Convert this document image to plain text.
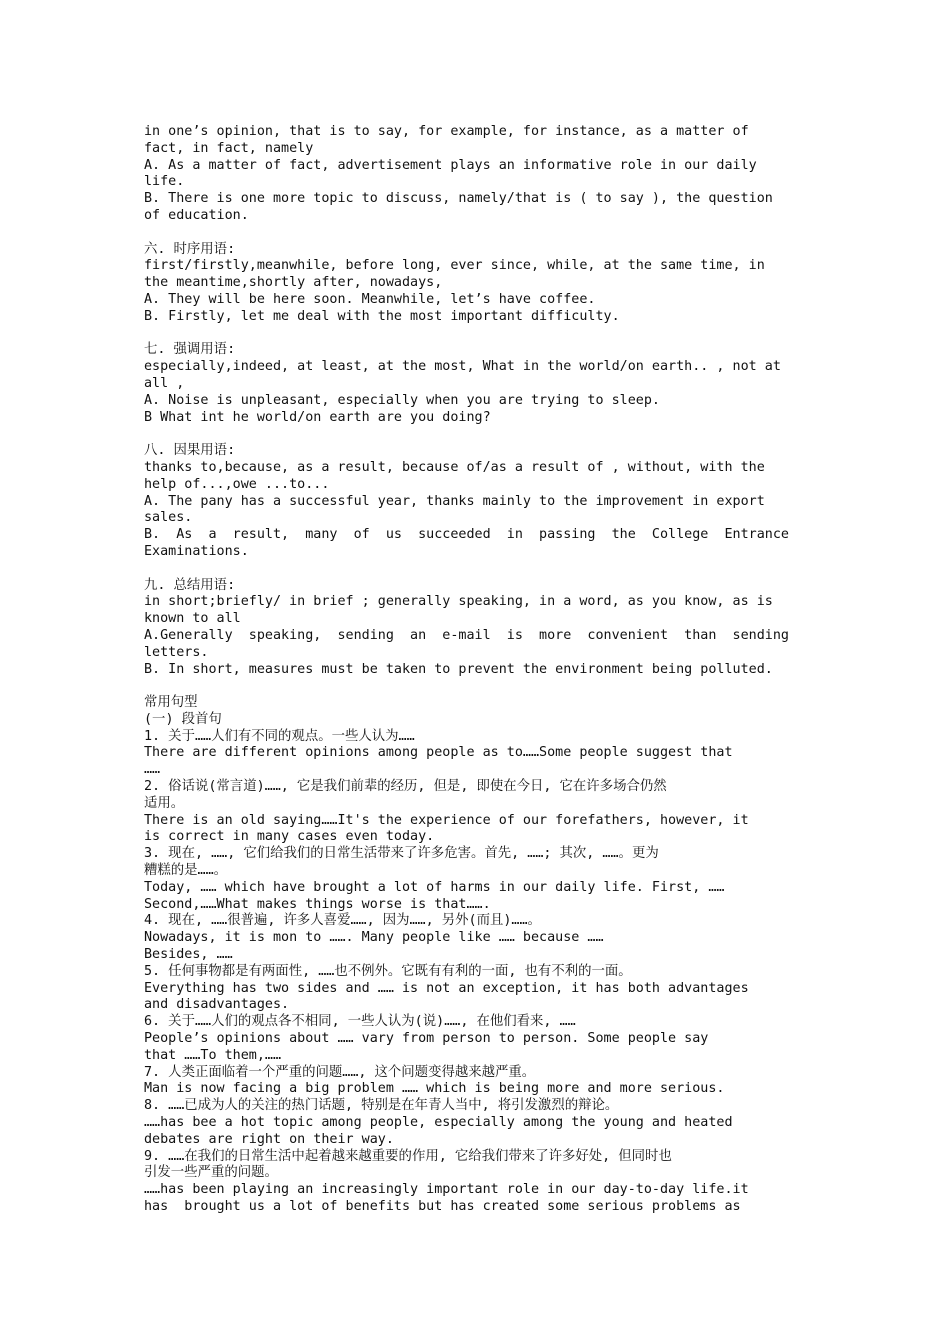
in one’s opinion, that is to say, for example, for instance, as a matter of
fact, in fact, namely
A. As a matter of fact, advertisement plays an informative role in our daily
life.
B. There is one more topic to discuss, namely/that is ( to say ), the question
of education.
六. 时序用语:
first/firstly,meanwhile, before long, ever since, while, at the same time, in
the meantime,shortly after, nowadays,
A. They will be here soon. Meanwhile, let’s have coffee.
B. Firstly, let me deal with the most important difficulty.
七. 强调用语:
especially,indeed, at least, at the most, What in the world/on earth.. , not at
all ,
A. Noise is unpleasant, especially when you are trying to sleep.
B What int he world/on earth are you doing?
八. 因果用语:
thanks to,because, as a result, because of/as a result of , without, with the
help of...,owe ...to...
A. The pany has a successful year, thanks mainly to the improvement in export
sales.
B.  As  a  result,  many  of  us  succeeded  in  passing  the  College  Entrance
Examinations.
九. 总结用语:
in short;briefly/ in brief ; generally speaking, in a word, as you know, as is
known to all
A.Generally  speaking,  sending  an  e-mail  is  more  convenient  than  sending
letters.
B. In short, measures must be taken to prevent the environment being polluted.
常用句型
(一) 段首句
1. 关于……人们有不同的观点。一些人认为……
There are different opinions among people as to……Some people suggest that
……
2. 俗话说(常言道)……, 它是我们前辈的经历, 但是, 即使在今日, 它在许多场合仍然
适用。
There is an old saying……It's the experience of our forefathers, however, it
is correct in many cases even today.
3. 现在, ……, 它们给我们的日常生活带来了许多危害。首先, ……; 其次, ……。更为
糟糕的是……。
Today, …… which have brought a lot of harms in our daily life. First, ……
Second,……What makes things worse is that…….
4. 现在, ……很普遍, 许多人喜爱……, 因为……, 另外(而且)……。
Nowadays, it is mon to ……. Many people like …… because ……
Besides, ……
5. 任何事物都是有两面性, ……也不例外。它既有有利的一面, 也有不利的一面。
Everything has two sides and …… is not an exception, it has both advantages
and disadvantages.
6. 关于……人们的观点各不相同, 一些人认为(说)……, 在他们看来, ……
People’s opinions about …… vary from person to person. Some people say
that ……To them,……
7. 人类正面临着一个严重的问题……, 这个问题变得越来越严重。
Man is now facing a big problem …… which is being more and more serious.
8. ……已成为人的关注的热门话题, 特别是在年青人当中, 将引发激烈的辩论。
……has bee a hot topic among people, especially among the young and heated
debates are right on their way.
9. ……在我们的日常生活中起着越来越重要的作用, 它给我们带来了许多好处, 但同时也
引发一些严重的问题。
……has been playing an increasingly important role in our day-to-day life.it
has  brought us a lot of benefits but has created some serious problems as
